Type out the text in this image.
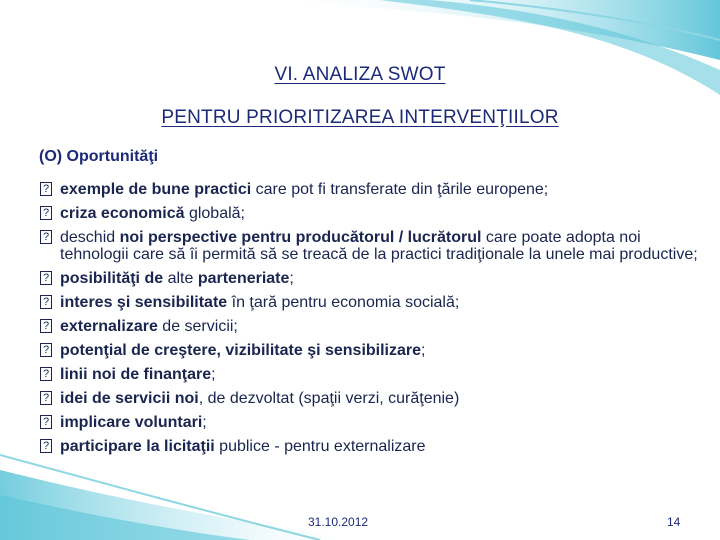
VI. ANALIZA SWOT
PENTRU PRIORITIZAREA INTERVENŢIILOR
(O) Oportunităţi
?
exemple de bune practici care pot fi transferate din ţările europene;
?
criza economică globală;
?
deschid noi perspective pentru producătorul / lucrătorul care poate adopta noi tehnologii care să îi permită să se treacă de la practici tradiţionale la unele mai productive;
?
posibilităţi de alte parteneriate;
?
interes şi sensibilitate în ţară pentru economia socială;
?
externalizare de servicii;
?
potenţial de creştere, vizibilitate şi sensibilizare;
?
linii noi de finanţare;
?
idei de servicii noi, de dezvoltat (spaţii verzi, curăţenie)
?
implicare voluntari;
?
participare la licitaţii publice - pentru externalizare
31.10.2012	14
